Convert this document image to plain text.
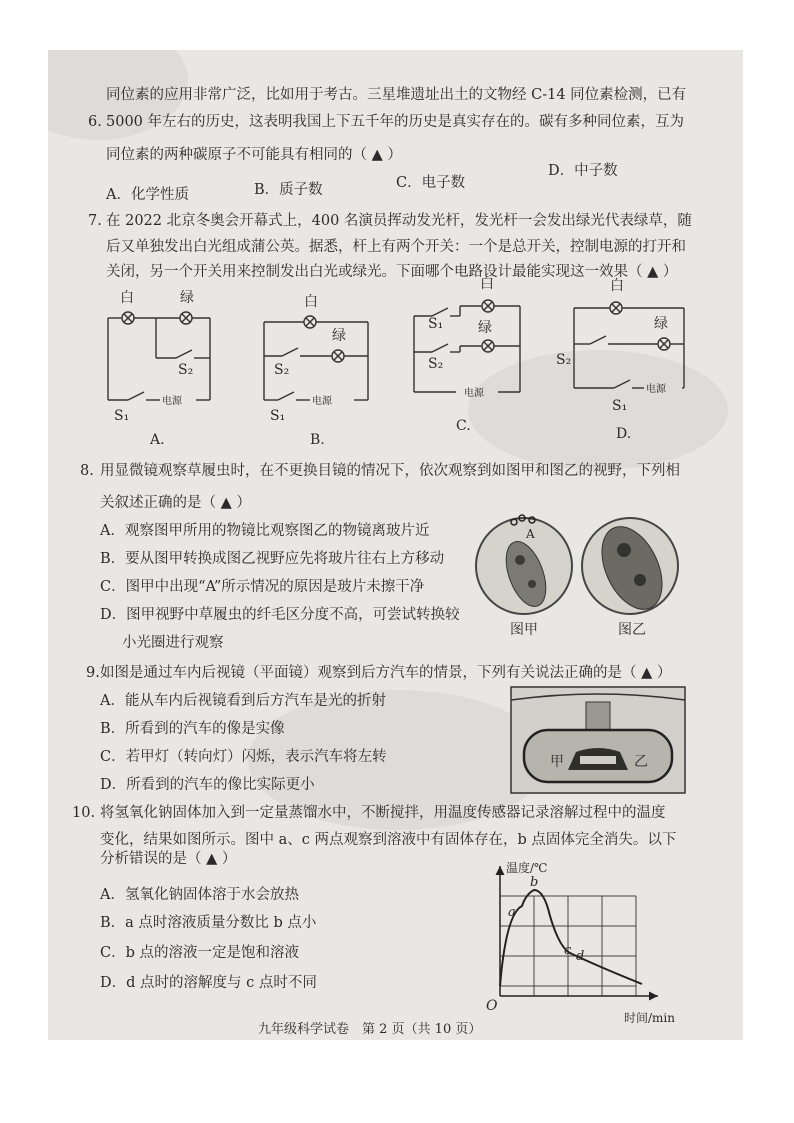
同位素的应用非常广泛，比如用于考古。三星堆遗址出土的文物经 C-14 同位素检测，已有
6. 5000 年左右的历史，这表明我国上下五千年的历史是真实存在的。碳有多种同位素，互为
同位素的两种碳原子不可能具有相同的（ ▲ ）
A．化学性质	B．质子数	C．电子数
D．中子数
7. 在 2022 北京冬奥会开幕式上，400 名演员挥动发光杆，发光杆一会发出绿光代表绿草，随
后又单独发出白光组成蒲公英。据悉，杆上有两个开关：一个是总开关，控制电源的打开和
关闭，另一个开关用来控制发出白光或绿光。下面哪个电路设计最能实现这一效果（ ▲ ）
白	绿
S₂
电源
S₁
A.
白
绿
S₂
电源
S₁
B.
白
绿
S₁
S₂
电源
C.
白
绿
S₂
电源
S₁
D.
8. 用显微镜观察草履虫时，在不更换目镜的情况下，依次观察到如图甲和图乙的视野，下列相
关叙述正确的是（ ▲ ）
A．观察图甲所用的物镜比观察图乙的物镜离玻片近
B．要从图甲转换成图乙视野应先将玻片往右上方移动
C．图甲中出现“A”所示情况的原因是玻片未擦干净
D．图甲视野中草履虫的纤毛区分度不高，可尝试转换较
小光圈进行观察
A
图甲	图乙
9. 如图是通过车内后视镜（平面镜）观察到后方汽车的情景，下列有关说法正确的是（ ▲ ）
A．能从车内后视镜看到后方汽车是光的折射
B．所看到的汽车的像是实像
C．若甲灯（转向灯）闪烁，表示汽车将左转
D．所看到的汽车的像比实际更小
甲	乙
10. 将氢氧化钠固体加入到一定量蒸馏水中，不断搅拌，用温度传感器记录溶解过程中的温度
变化，结果如图所示。图中 a、c 两点观察到溶液中有固体存在，b 点固体完全消失。以下
分析错误的是（ ▲ ）
A．氢氧化钠固体溶于水会放热
B．a 点时溶液质量分数比 b 点小
C．b 点的溶液一定是饱和溶液
D．d 点时的溶解度与 c 点时不同
温度/℃
O
a
b
c d
时间/min
九年级科学试卷　第 2 页（共 10 页）
